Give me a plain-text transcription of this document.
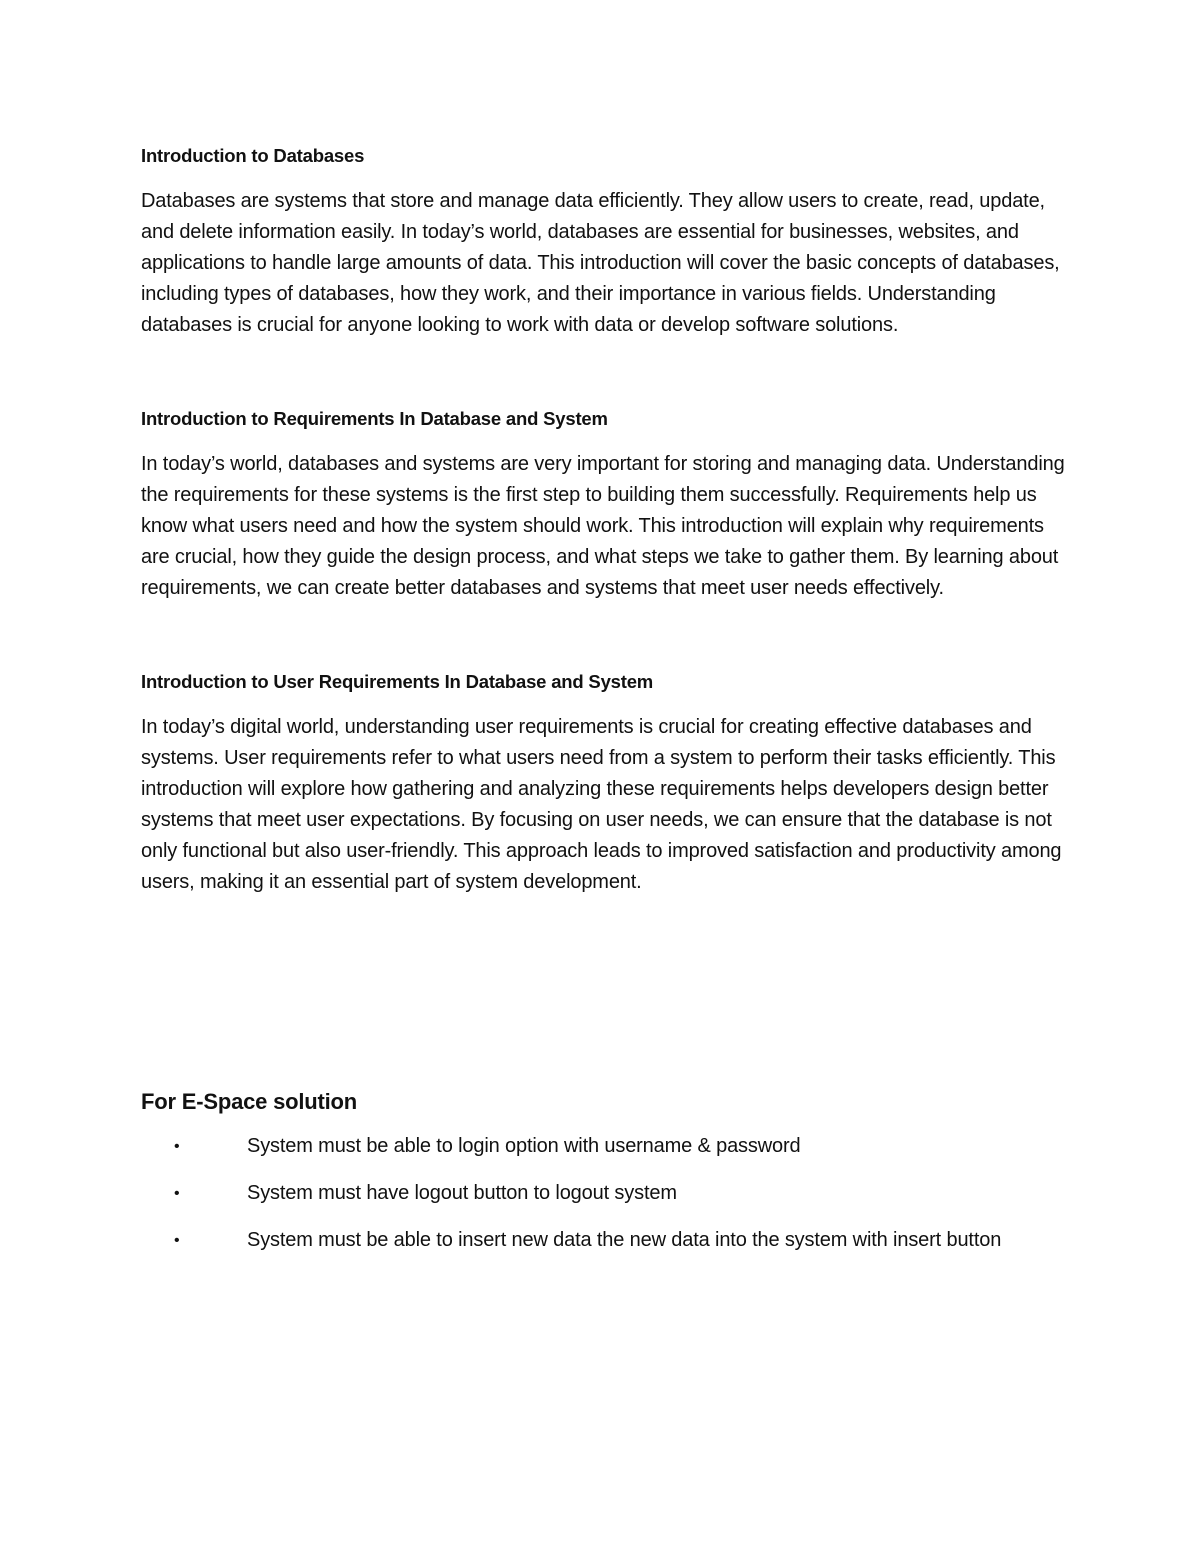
Introduction to Databases

Databases are systems that store and manage data efficiently. They allow users to create, read, update, and delete information easily. In today’s world, databases are essential for businesses, websites, and applications to handle large amounts of data. This introduction will cover the basic concepts of databases, including types of databases, how they work, and their importance in various fields. Understanding databases is crucial for anyone looking to work with data or develop software solutions.

Introduction to Requirements In Database and System

In today’s world, databases and systems are very important for storing and managing data. Understanding the requirements for these systems is the first step to building them successfully. Requirements help us know what users need and how the system should work. This introduction will explain why requirements are crucial, how they guide the design process, and what steps we take to gather them. By learning about requirements, we can create better databases and systems that meet user needs effectively.

Introduction to User Requirements In Database and System

In today’s digital world, understanding user requirements is crucial for creating effective databases and systems. User requirements refer to what users need from a system to perform their tasks efficiently. This introduction will explore how gathering and analyzing these requirements helps developers design better systems that meet user expectations. By focusing on user needs, we can ensure that the database is not only functional but also user-friendly. This approach leads to improved satisfaction and productivity among users, making it an essential part of system development.

For E-Space solution
•	System must be able to login option with username & password
•	System must have logout button to logout system
•	System must be able to insert new data the new data into the system with insert button
